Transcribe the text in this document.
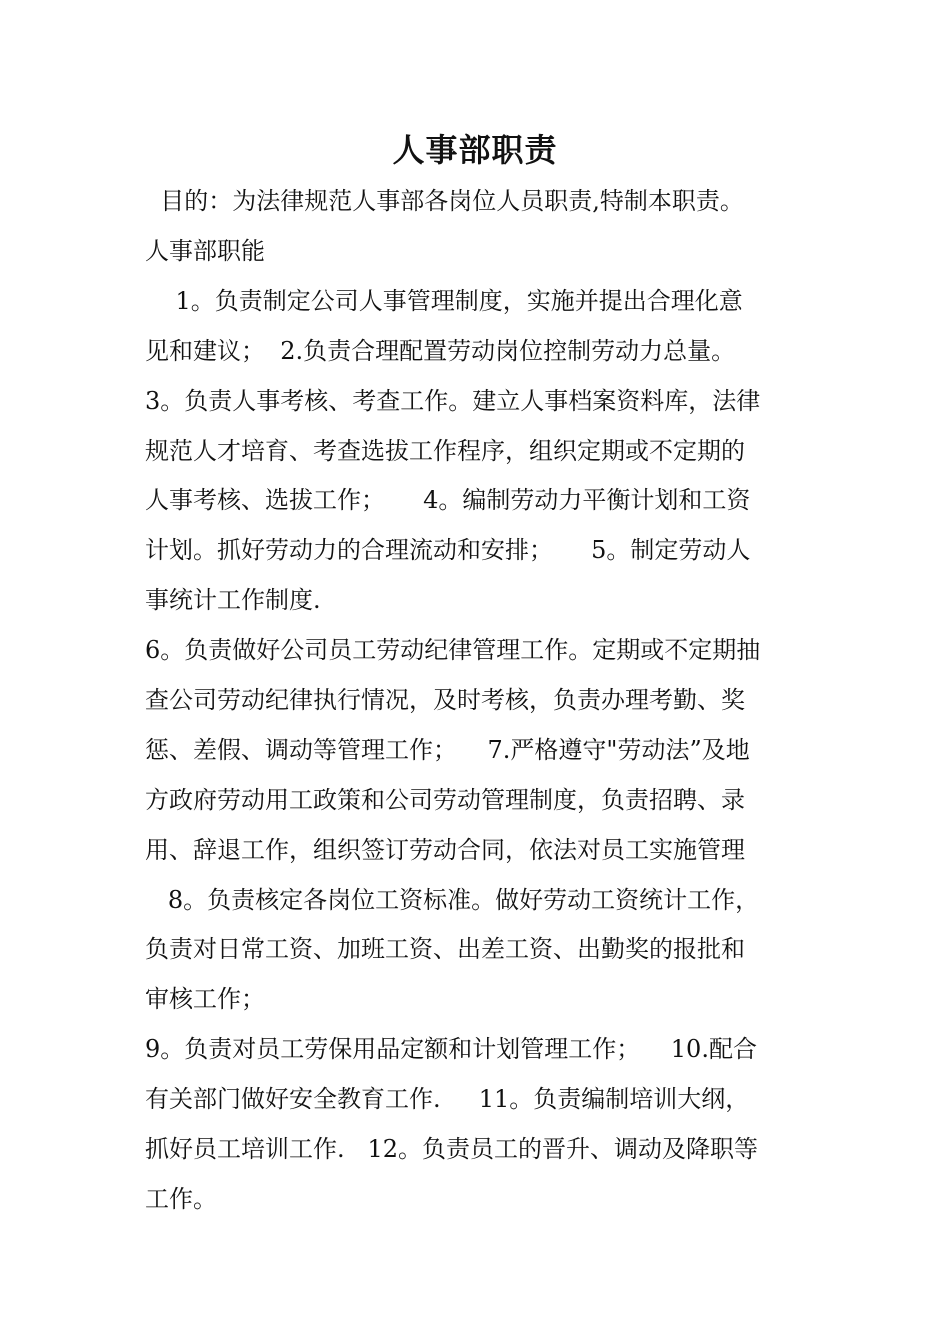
人事部职责
目的：为法律规范人事部各岗位人员职责,特制本职责。
人事部职能
1。负责制定公司人事管理制度，实施并提出合理化意
见和建议；  2.负责合理配置劳动岗位控制劳动力总量。
3。负责人事考核、考查工作。建立人事档案资料库，法律
规范人才培育、考查选拔工作程序，组织定期或不定期的
人事考核、选拔工作；     4。编制劳动力平衡计划和工资
计划。抓好劳动力的合理流动和安排；     5。制定劳动人
事统计工作制度.
6。负责做好公司员工劳动纪律管理工作。定期或不定期抽
查公司劳动纪律执行情况，及时考核，负责办理考勤、奖
惩、差假、调动等管理工作；    7.严格遵守"劳动法”及地
方政府劳动用工政策和公司劳动管理制度，负责招聘、录
用、辞退工作，组织签订劳动合同，依法对员工实施管理
8。负责核定各岗位工资标准。做好劳动工资统计工作，
负责对日常工资、加班工资、出差工资、出勤奖的报批和
审核工作；
9。负责对员工劳保用品定额和计划管理工作；    10.配合
有关部门做好安全教育工作.     11。负责编制培训大纲，
抓好员工培训工作.   12。负责员工的晋升、调动及降职等
工作。
